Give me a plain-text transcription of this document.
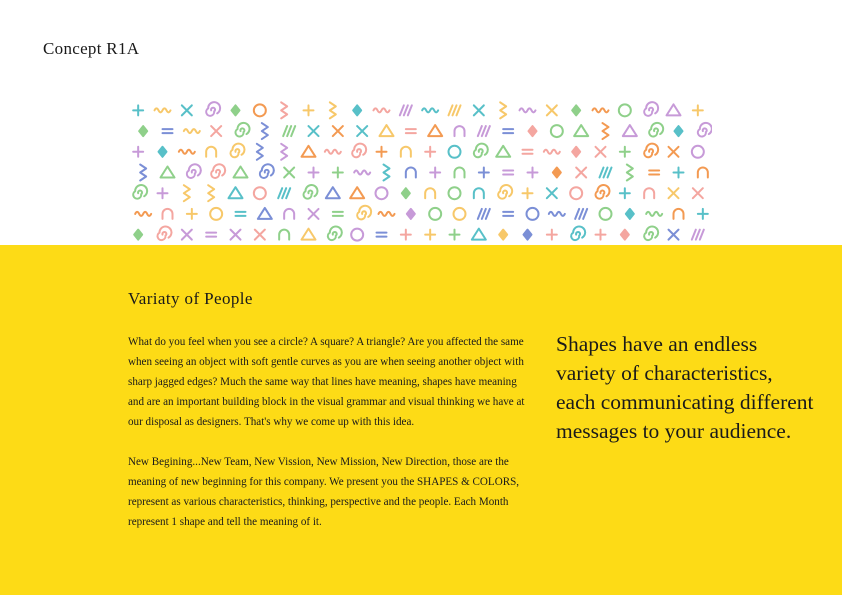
Concept R1A
Variaty of People

What do you feel when you see a circle? A square? A triangle? Are you affected the same when seeing an object with soft gentle curves as you are when seeing another object with sharp jagged edges? Much the same way that lines have meaning, shapes have meaning and are an important building block in the visual grammar and visual thinking we have at our disposal as designers. That's why we come up with this idea.

New Begining...New Team, New Vission, New Mission, New Direction, those are the meaning of new beginning for this company. We present you the SHAPES & COLORS, represent as various characteristics, thinking, perspective and the people. Each Month represent 1 shape and tell the meaning of it.

Shapes have an endless variety of characteristics, each communicating different messages to your audience.
